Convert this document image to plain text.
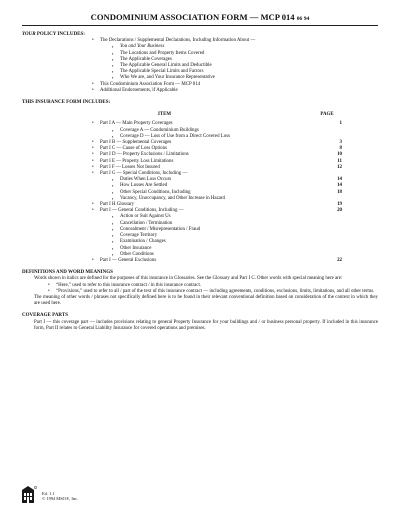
CONDOMINIUM ASSOCIATION FORM — MCP 014 06 94
YOUR POLICY INCLUDES:
• The Declarations / Supplemental Declarations, Including Information About —
▪ You and Your Business
▪ The Locations and Property Items Covered
▪ The Applicable Coverages
▪ The Applicable General Limits and Deductible
▪ The Applicable Special Limits and Factors
▪ Who We are, and Your Insurance Representative
• This Condominium Association Form — MCP 014
• Additional Endorsements, if Applicable
THIS INSURANCE FORM INCLUDES:
ITEM	PAGE
• Part I A — Main Property Coverages	1
▪ Coverage A — Condominium Buildings
▪ Coverage D — Loss of Use from a Direct Covered Loss
• Part I B — Supplemental Coverages	3
• Part I C — Cause of Loss Options	8
• Part I D — Property Exclusions / Limitations	10
• Part I E — Property Loss Limitations	11
• Part I F — Losses Not Insured	12
• Part I G — Special Conditions, Including —
▪ Duties When Loss Occurs	14
▪ How Losses Are Settled	14
▪ Other Special Conditions, Including	18
▪ Vacancy, Unoccupancy, and Other Increase in Hazard
• Part I H Glossary	19
• Part I — General Conditions, Including —	20
▪ Action or Suit Against Us
▪ Cancellation / Termination
▪ Concealment / Misrepresentation / Fraud
▪ Coverage Territory
▪ Examination / Changes
▪ Other Insurance
▪ Other Conditions
• Part I — General Exclusions	22
DEFINITIONS AND WORD MEANINGS

Words shown in italics are defined for the purposes of this insurance in Glossaries. See the Glossary and Part I C. Other words with special meaning here are:

• “Here,” used to refer to this insurance contract / in this insurance contract.
• “Provisions,” used to refer to all / part of the text of this insurance contract — including agreements, conditions, exclusions, limits, limitations, and all other terms.

The meaning of other words / phrases not specifically defined here is to be found in their relevant conventional definition based on consideration of the context in which they are used here.

COVERAGE PARTS

Part I — this coverage part — includes provisions relating to general Property Insurance for your buildings and / or business personal property. If included in this insurance form, Part II relates to General Liability Insurance for covered operations and premises.

Ed. 1.1
© 1994 MSO®, Inc.
